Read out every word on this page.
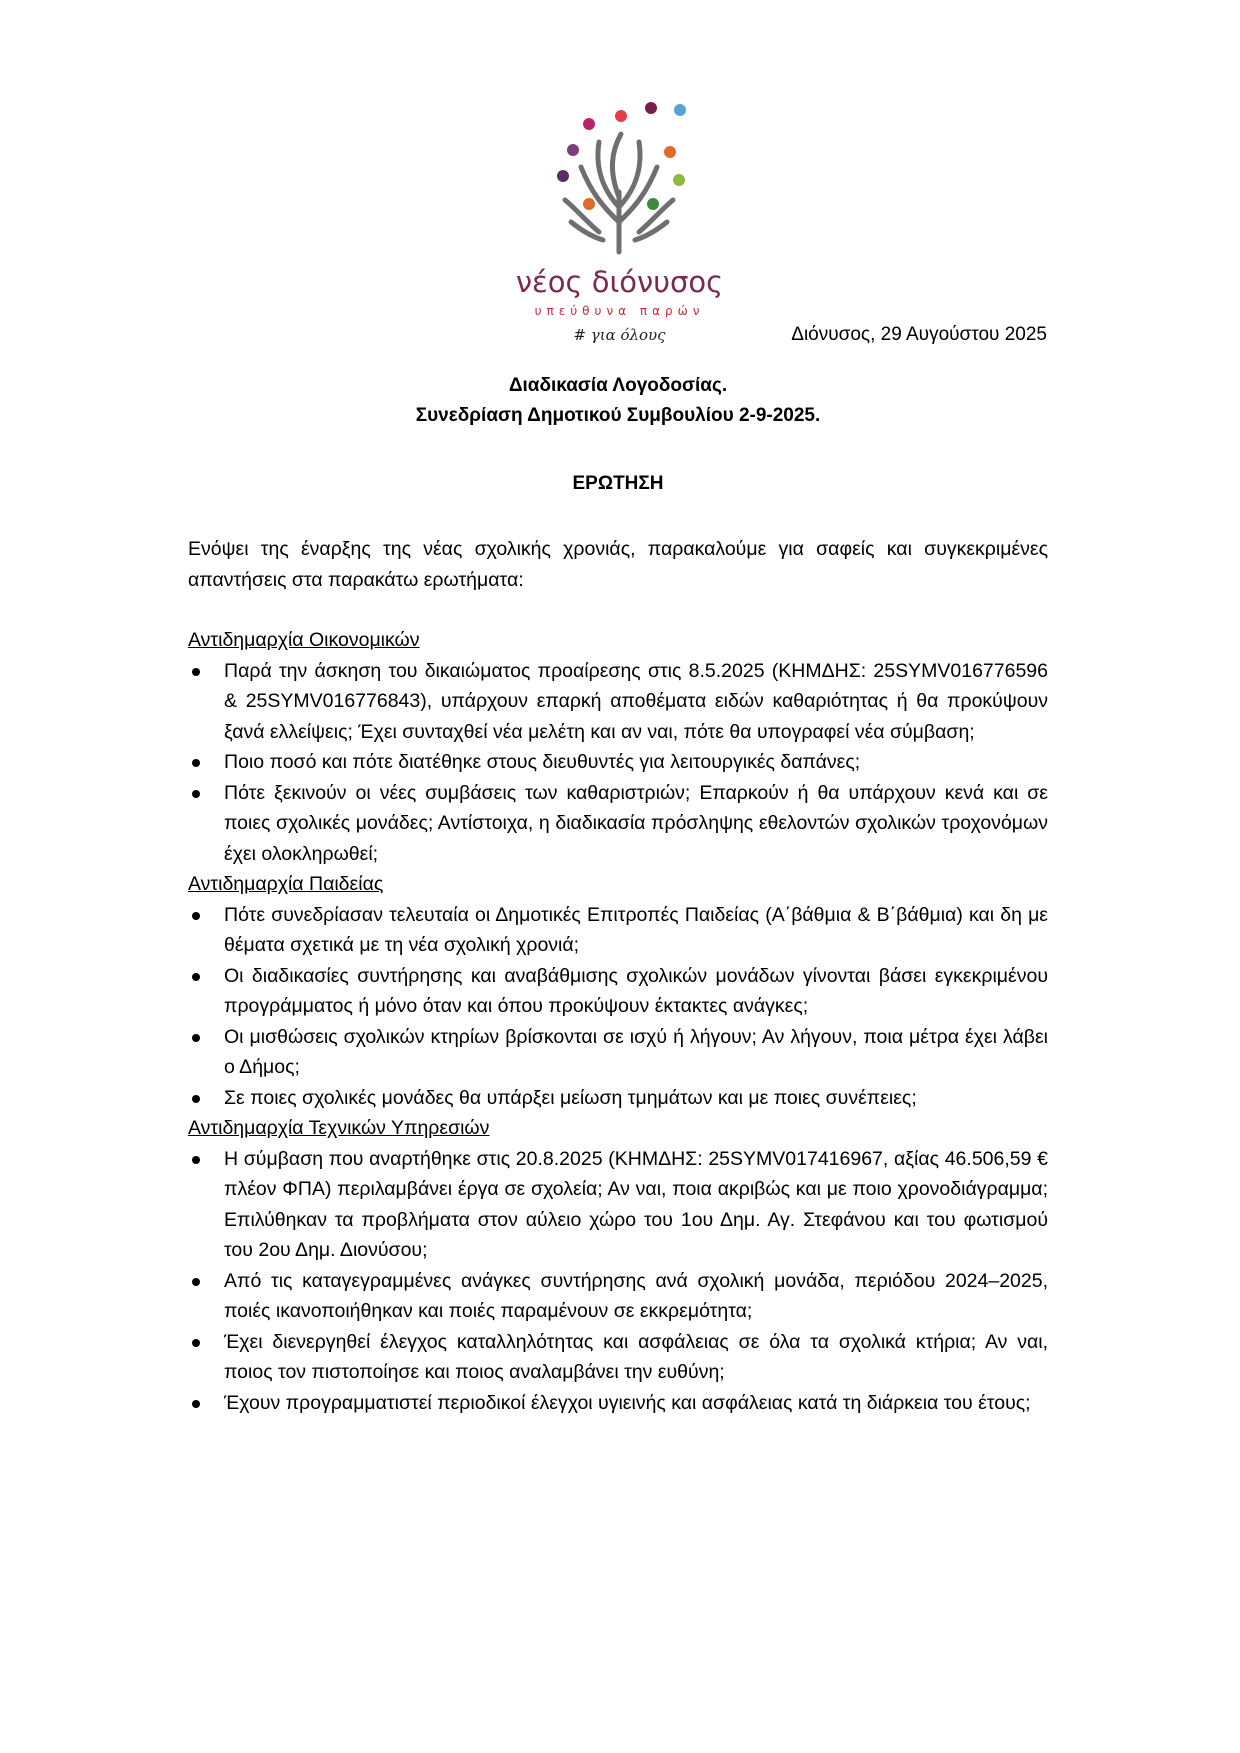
νέος διόνυσος
υπεύθυνα παρών
# για όλους	Διόνυσος, 29 Αυγούστου 2025
Διαδικασία Λογοδοσίας.
Συνεδρίαση Δημοτικού Συμβουλίου 2-9-2025.
ΕΡΩΤΗΣΗ

Ενόψει της έναρξης της νέας σχολικής χρονιάς, παρακαλούμε για σαφείς και συγκεκριμένες απαντήσεις στα παρακάτω ερωτήματα:

Αντιδημαρχία Οικονομικών

Παρά την άσκηση του δικαιώματος προαίρεσης στις 8.5.2025 (ΚΗΜΔΗΣ: 25SYMV016776596 & 25SYMV016776843), υπάρχουν επαρκή αποθέματα ειδών καθαριότητας ή θα προκύψουν ξανά ελλείψεις; Έχει συνταχθεί νέα μελέτη και αν ναι, πότε θα υπογραφεί νέα σύμβαση;
Ποιο ποσό και πότε διατέθηκε στους διευθυντές για λειτουργικές δαπάνες;
Πότε ξεκινούν οι νέες συμβάσεις των καθαριστριών; Επαρκούν ή θα υπάρχουν κενά και σε ποιες σχολικές μονάδες; Αντίστοιχα, η διαδικασία πρόσληψης εθελοντών σχολικών τροχονόμων έχει ολοκληρωθεί;

Αντιδημαρχία Παιδείας

Πότε συνεδρίασαν τελευταία οι Δημοτικές Επιτροπές Παιδείας (Α΄βάθμια & Β΄βάθμια) και δη με θέματα σχετικά με τη νέα σχολική χρονιά;
Οι διαδικασίες συντήρησης και αναβάθμισης σχολικών μονάδων γίνονται βάσει εγκεκριμένου προγράμματος ή μόνο όταν και όπου προκύψουν έκτακτες ανάγκες;
Οι μισθώσεις σχολικών κτηρίων βρίσκονται σε ισχύ ή λήγουν; Αν λήγουν, ποια μέτρα έχει λάβει ο Δήμος;
Σε ποιες σχολικές μονάδες θα υπάρξει μείωση τμημάτων και με ποιες συνέπειες;

Αντιδημαρχία Τεχνικών Υπηρεσιών

Η σύμβαση που αναρτήθηκε στις 20.8.2025 (ΚΗΜΔΗΣ: 25SYMV017416967, αξίας 46.506,59 € πλέον ΦΠΑ) περιλαμβάνει έργα σε σχολεία; Αν ναι, ποια ακριβώς και με ποιο χρονοδιάγραμμα; Επιλύθηκαν τα προβλήματα στον αύλειο χώρο του 1ου Δημ. Αγ. Στεφάνου και του φωτισμού του 2ου Δημ. Διονύσου;
Από τις καταγεγραμμένες ανάγκες συντήρησης ανά σχολική μονάδα, περιόδου 2024–2025, ποιές ικανοποιήθηκαν και ποιές παραμένουν σε εκκρεμότητα;
Έχει διενεργηθεί έλεγχος καταλληλότητας και ασφάλειας σε όλα τα σχολικά κτήρια; Αν ναι, ποιος τον πιστοποίησε και ποιος αναλαμβάνει την ευθύνη;
Έχουν προγραμματιστεί περιοδικοί έλεγχοι υγιεινής και ασφάλειας κατά τη διάρκεια του έτους;
